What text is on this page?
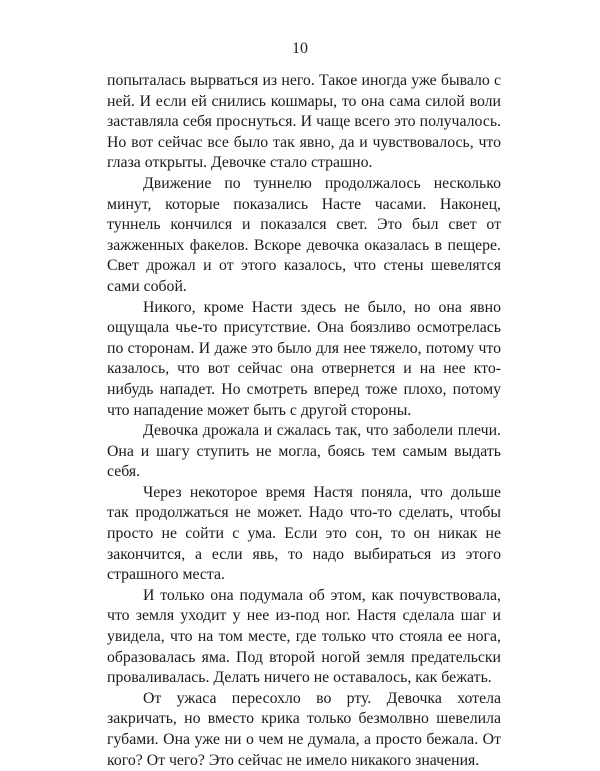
10

попыталась вырваться из него. Такое иногда уже бывало с ней. И если ей снились кошмары, то она сама силой воли заставляла себя проснуться. И чаще всего это получалось. Но вот сейчас все было так явно, да и чувствовалось, что глаза открыты. Девочке стало страшно.

Движение по туннелю продолжалось несколько минут, которые показались Насте часами. Наконец, туннель кончился и показался свет. Это был свет от зажженных факелов. Вскоре девочка оказалась в пещере. Свет дрожал и от этого казалось, что стены шевелятся сами собой.

Никого, кроме Насти здесь не было, но она явно ощущала чье-то присутствие. Она боязливо осмотрелась по сторонам. И даже это было для нее тяжело, потому что казалось, что вот сейчас она отвернется и на нее кто-нибудь нападет. Но смотреть вперед тоже плохо, потому что нападение может быть с другой стороны.

Девочка дрожала и сжалась так, что заболели плечи. Она и шагу ступить не могла, боясь тем самым выдать себя.

Через некоторое время Настя поняла, что дольше так продолжаться не может. Надо что-то сделать, чтобы просто не сойти с ума. Если это сон, то он никак не закончится, а если явь, то надо выбираться из этого страшного места.

И только она подумала об этом, как почувствовала, что земля уходит у нее из-под ног. Настя сделала шаг и увидела, что на том месте, где только что стояла ее нога, образовалась яма. Под второй ногой земля предательски проваливалась. Делать ничего не оставалось, как бежать.

От ужаса пересохло во рту. Девочка хотела закричать, но вместо крика только безмолвно шевелила губами. Она уже ни о чем не думала, а просто бежала. От кого? От чего? Это сейчас не имело никакого значения.
